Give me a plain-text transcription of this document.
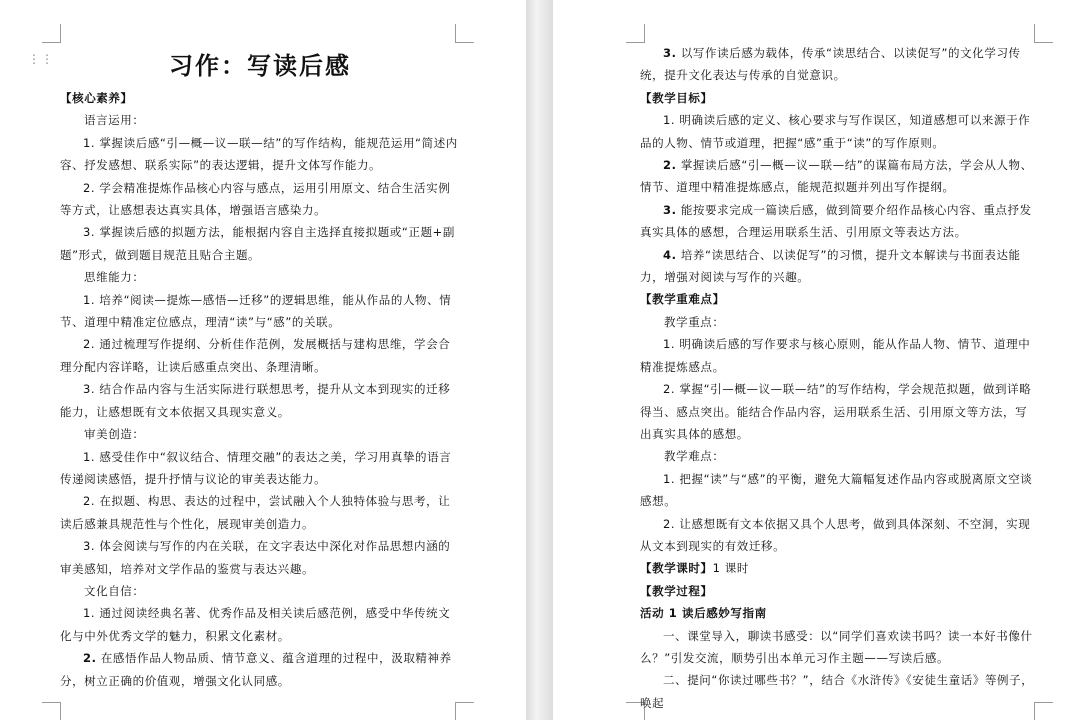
⋮⋮	习作：写读后感

【核心素养】

语言运用：

1. 掌握读后感“引—概—议—联—结”的写作结构，能规范运用“简述内容、抒发感想、联系实际”的表达逻辑，提升文体写作能力。

2. 学会精准提炼作品核心内容与感点，运用引用原文、结合生活实例等方式，让感想表达真实具体，增强语言感染力。

3. 掌握读后感的拟题方法，能根据内容自主选择直接拟题或“正题+副题”形式，做到题目规范且贴合主题。

思维能力：

1. 培养“阅读—提炼—感悟—迁移”的逻辑思维，能从作品的人物、情节、道理中精准定位感点，理清“读”与“感”的关联。

2. 通过梳理写作提纲、分析佳作范例，发展概括与建构思维，学会合理分配内容详略，让读后感重点突出、条理清晰。

3. 结合作品内容与生活实际进行联想思考，提升从文本到现实的迁移能力，让感想既有文本依据又具现实意义。

审美创造：

1. 感受佳作中“叙议结合、情理交融”的表达之美，学习用真挚的语言传递阅读感悟，提升抒情与议论的审美表达能力。

2. 在拟题、构思、表达的过程中，尝试融入个人独特体验与思考，让读后感兼具规范性与个性化，展现审美创造力。

3. 体会阅读与写作的内在关联，在文字表达中深化对作品思想内涵的审美感知，培养对文学作品的鉴赏与表达兴趣。

文化自信：

1. 通过阅读经典名著、优秀作品及相关读后感范例，感受中华传统文化与中外优秀文学的魅力，积累文化素材。

2. 在感悟作品人物品质、情节意义、蕴含道理的过程中，汲取精神养分，树立正确的价值观，增强文化认同感。

3. 以写作读后感为载体，传承“读思结合、以读促写”的文化学习传统，提升文化表达与传承的自觉意识。

【教学目标】

1. 明确读后感的定义、核心要求与写作误区，知道感想可以来源于作品的人物、情节或道理，把握“感”重于“读”的写作原则。

2. 掌握读后感“引—概—议—联—结”的谋篇布局方法，学会从人物、情节、道理中精准提炼感点，能规范拟题并列出写作提纲。

3. 能按要求完成一篇读后感，做到简要介绍作品核心内容、重点抒发真实具体的感想，合理运用联系生活、引用原文等表达方法。

4. 培养“读思结合、以读促写”的习惯，提升文本解读与书面表达能力，增强对阅读与写作的兴趣。

【教学重难点】

教学重点：

1. 明确读后感的写作要求与核心原则，能从作品人物、情节、道理中精准提炼感点。

2. 掌握“引—概—议—联—结”的写作结构，学会规范拟题，做到详略得当、感点突出。能结合作品内容，运用联系生活、引用原文等方法，写出真实具体的感想。

教学难点：

1. 把握“读”与“感”的平衡，避免大篇幅复述作品内容或脱离原文空谈感想。

2. 让感想既有文本依据又具个人思考，做到具体深刻、不空洞，实现从文本到现实的有效迁移。

【教学课时】1 课时

【教学过程】

活动 1 读后感妙写指南

一、课堂导入，聊读书感受：以“同学们喜欢读书吗？读一本好书像什么？”引发交流，顺势引出本单元习作主题——写读后感。

二、提问“你读过哪些书？”，结合《水浒传》《安徒生童话》等例子，唤起
